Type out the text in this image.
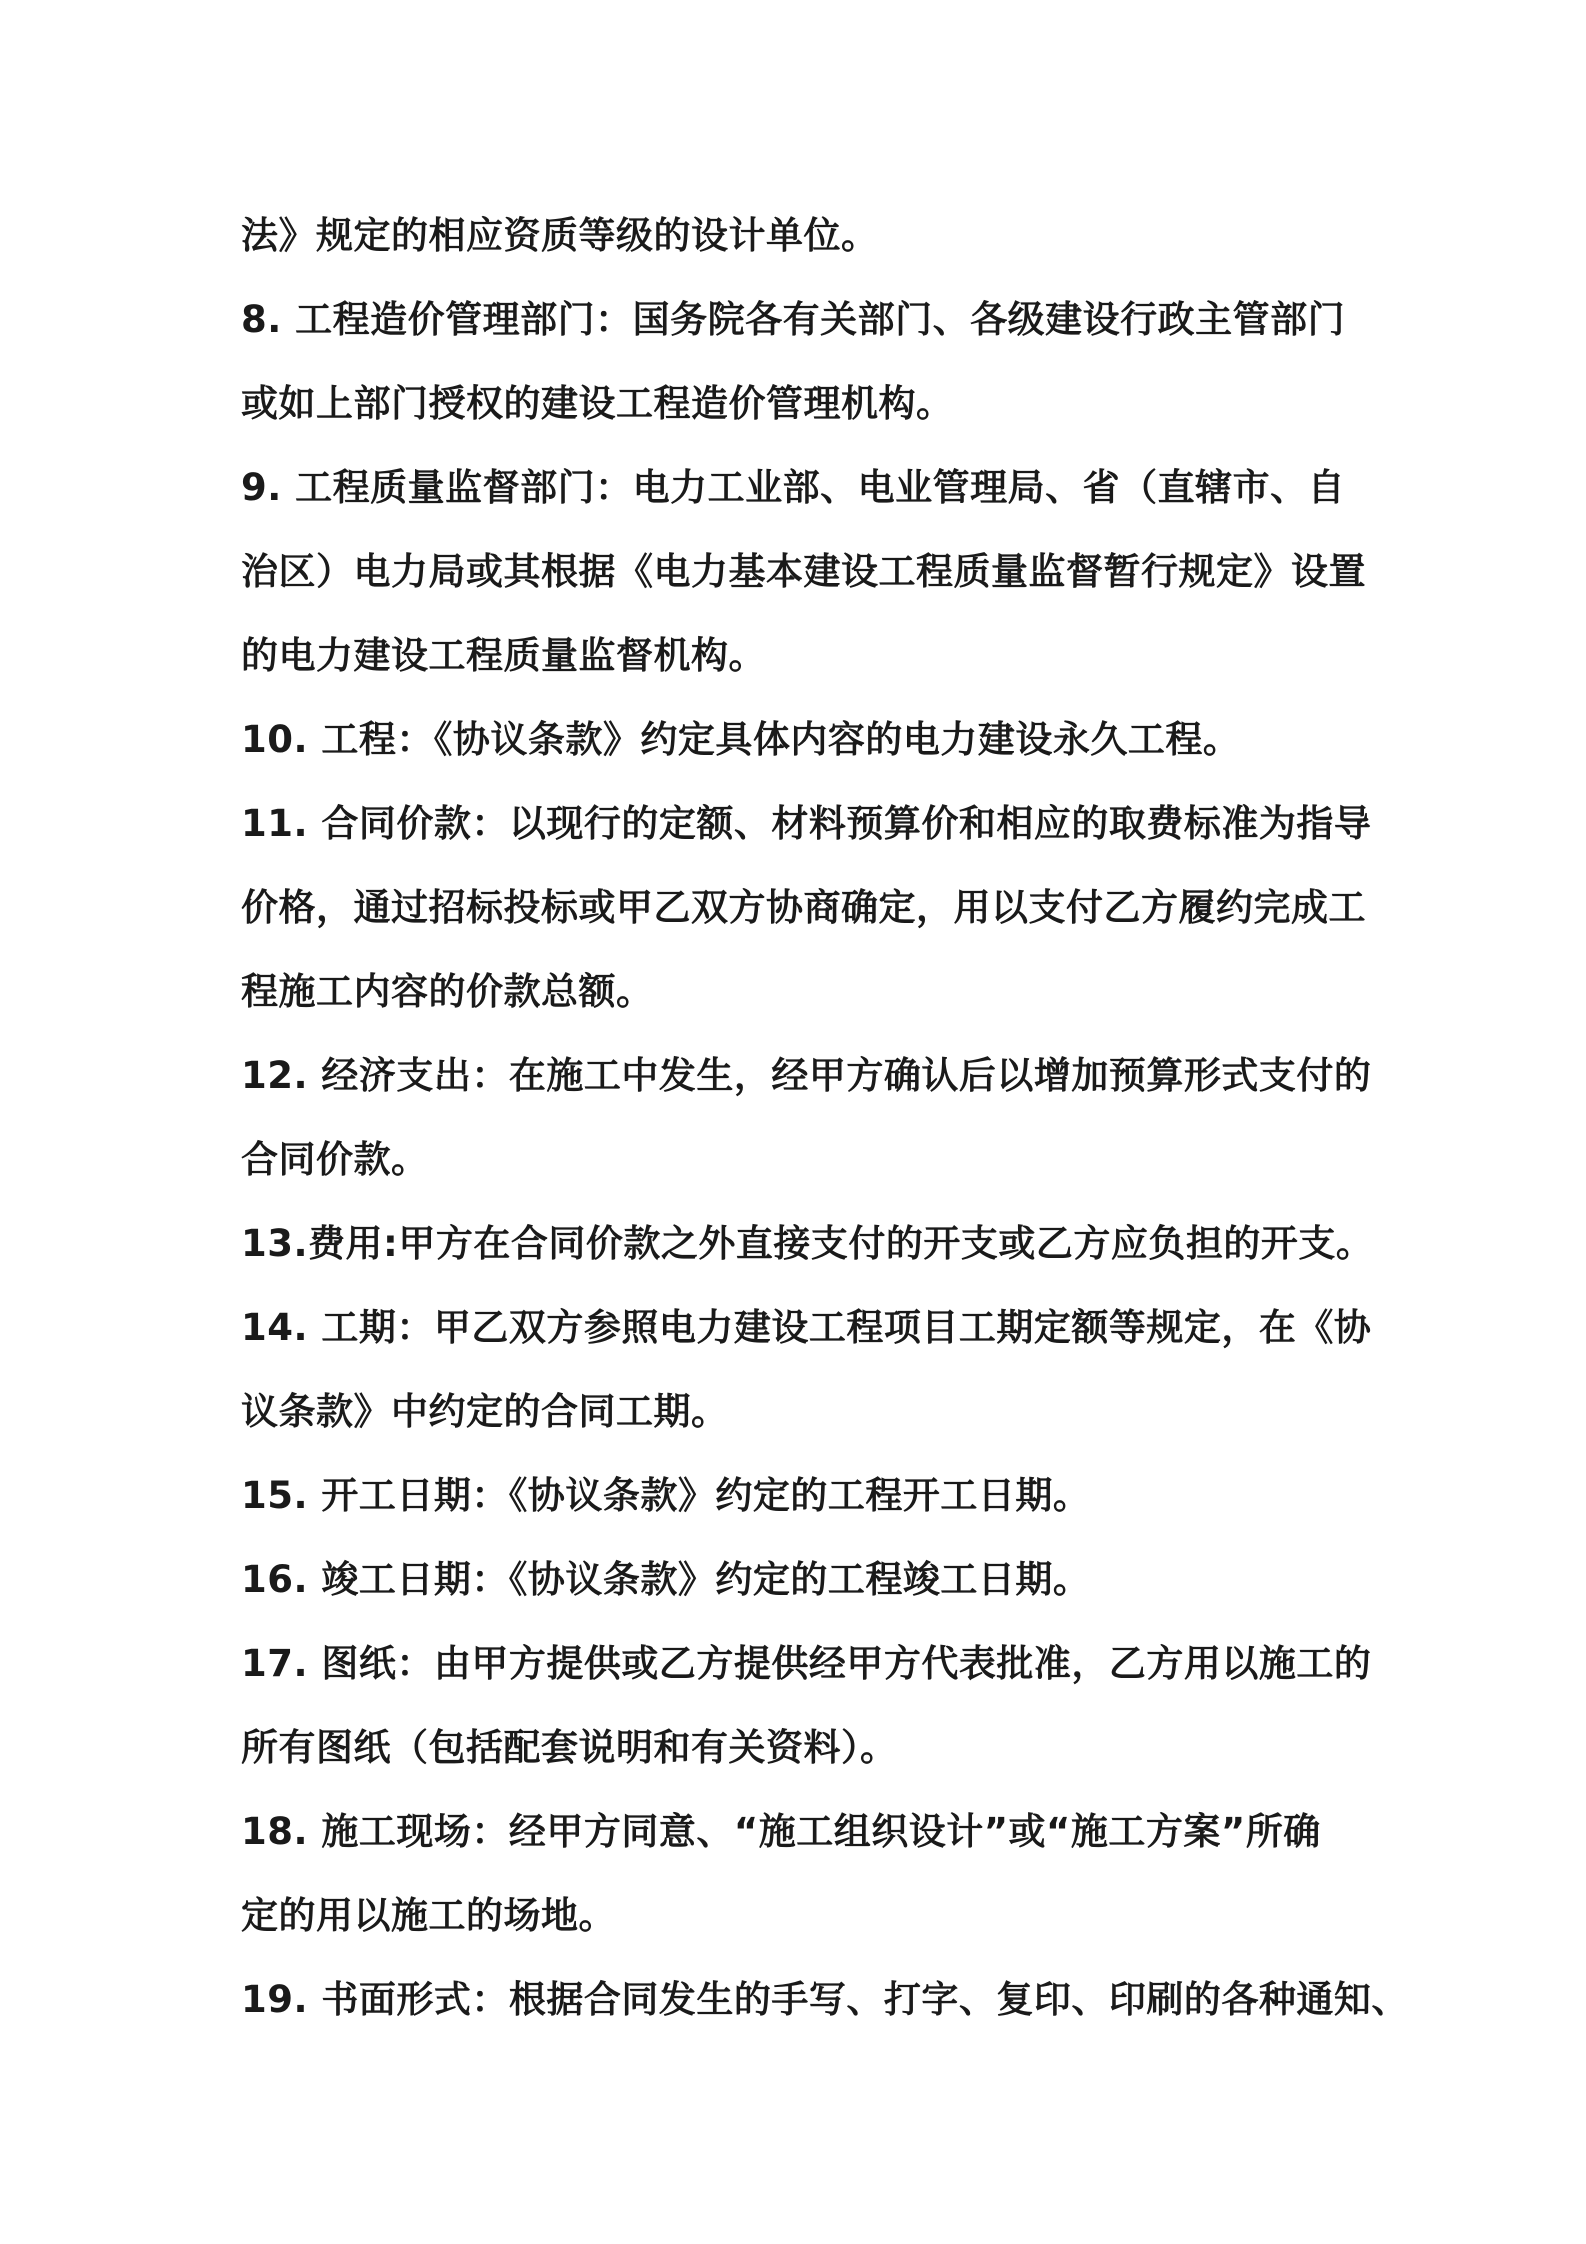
法》规定的相应资质等级的设计单位。
8. 工程造价管理部门：国务院各有关部门、各级建设行政主管部门
或如上部门授权的建设工程造价管理机构。
9. 工程质量监督部门：电力工业部、电业管理局、省（直辖市、自
治区）电力局或其根据《电力基本建设工程质量监督暂行规定》设置
的电力建设工程质量监督机构。
10. 工程：《协议条款》约定具体内容的电力建设永久工程。
11. 合同价款：以现行的定额、材料预算价和相应的取费标准为指导
价格，通过招标投标或甲乙双方协商确定，用以支付乙方履约完成工
程施工内容的价款总额。
12. 经济支出：在施工中发生，经甲方确认后以增加预算形式支付的
合同价款。
13.费用:甲方在合同价款之外直接支付的开支或乙方应负担的开支。
14. 工期：甲乙双方参照电力建设工程项目工期定额等规定，在《协
议条款》中约定的合同工期。
15. 开工日期：《协议条款》约定的工程开工日期。
16. 竣工日期：《协议条款》约定的工程竣工日期。
17. 图纸：由甲方提供或乙方提供经甲方代表批准，乙方用以施工的
所有图纸（包括配套说明和有关资料）。
18. 施工现场：经甲方同意、“施工组织设计”或“施工方案”所确
定的用以施工的场地。
19. 书面形式：根据合同发生的手写、打字、复印、印刷的各种通知、
